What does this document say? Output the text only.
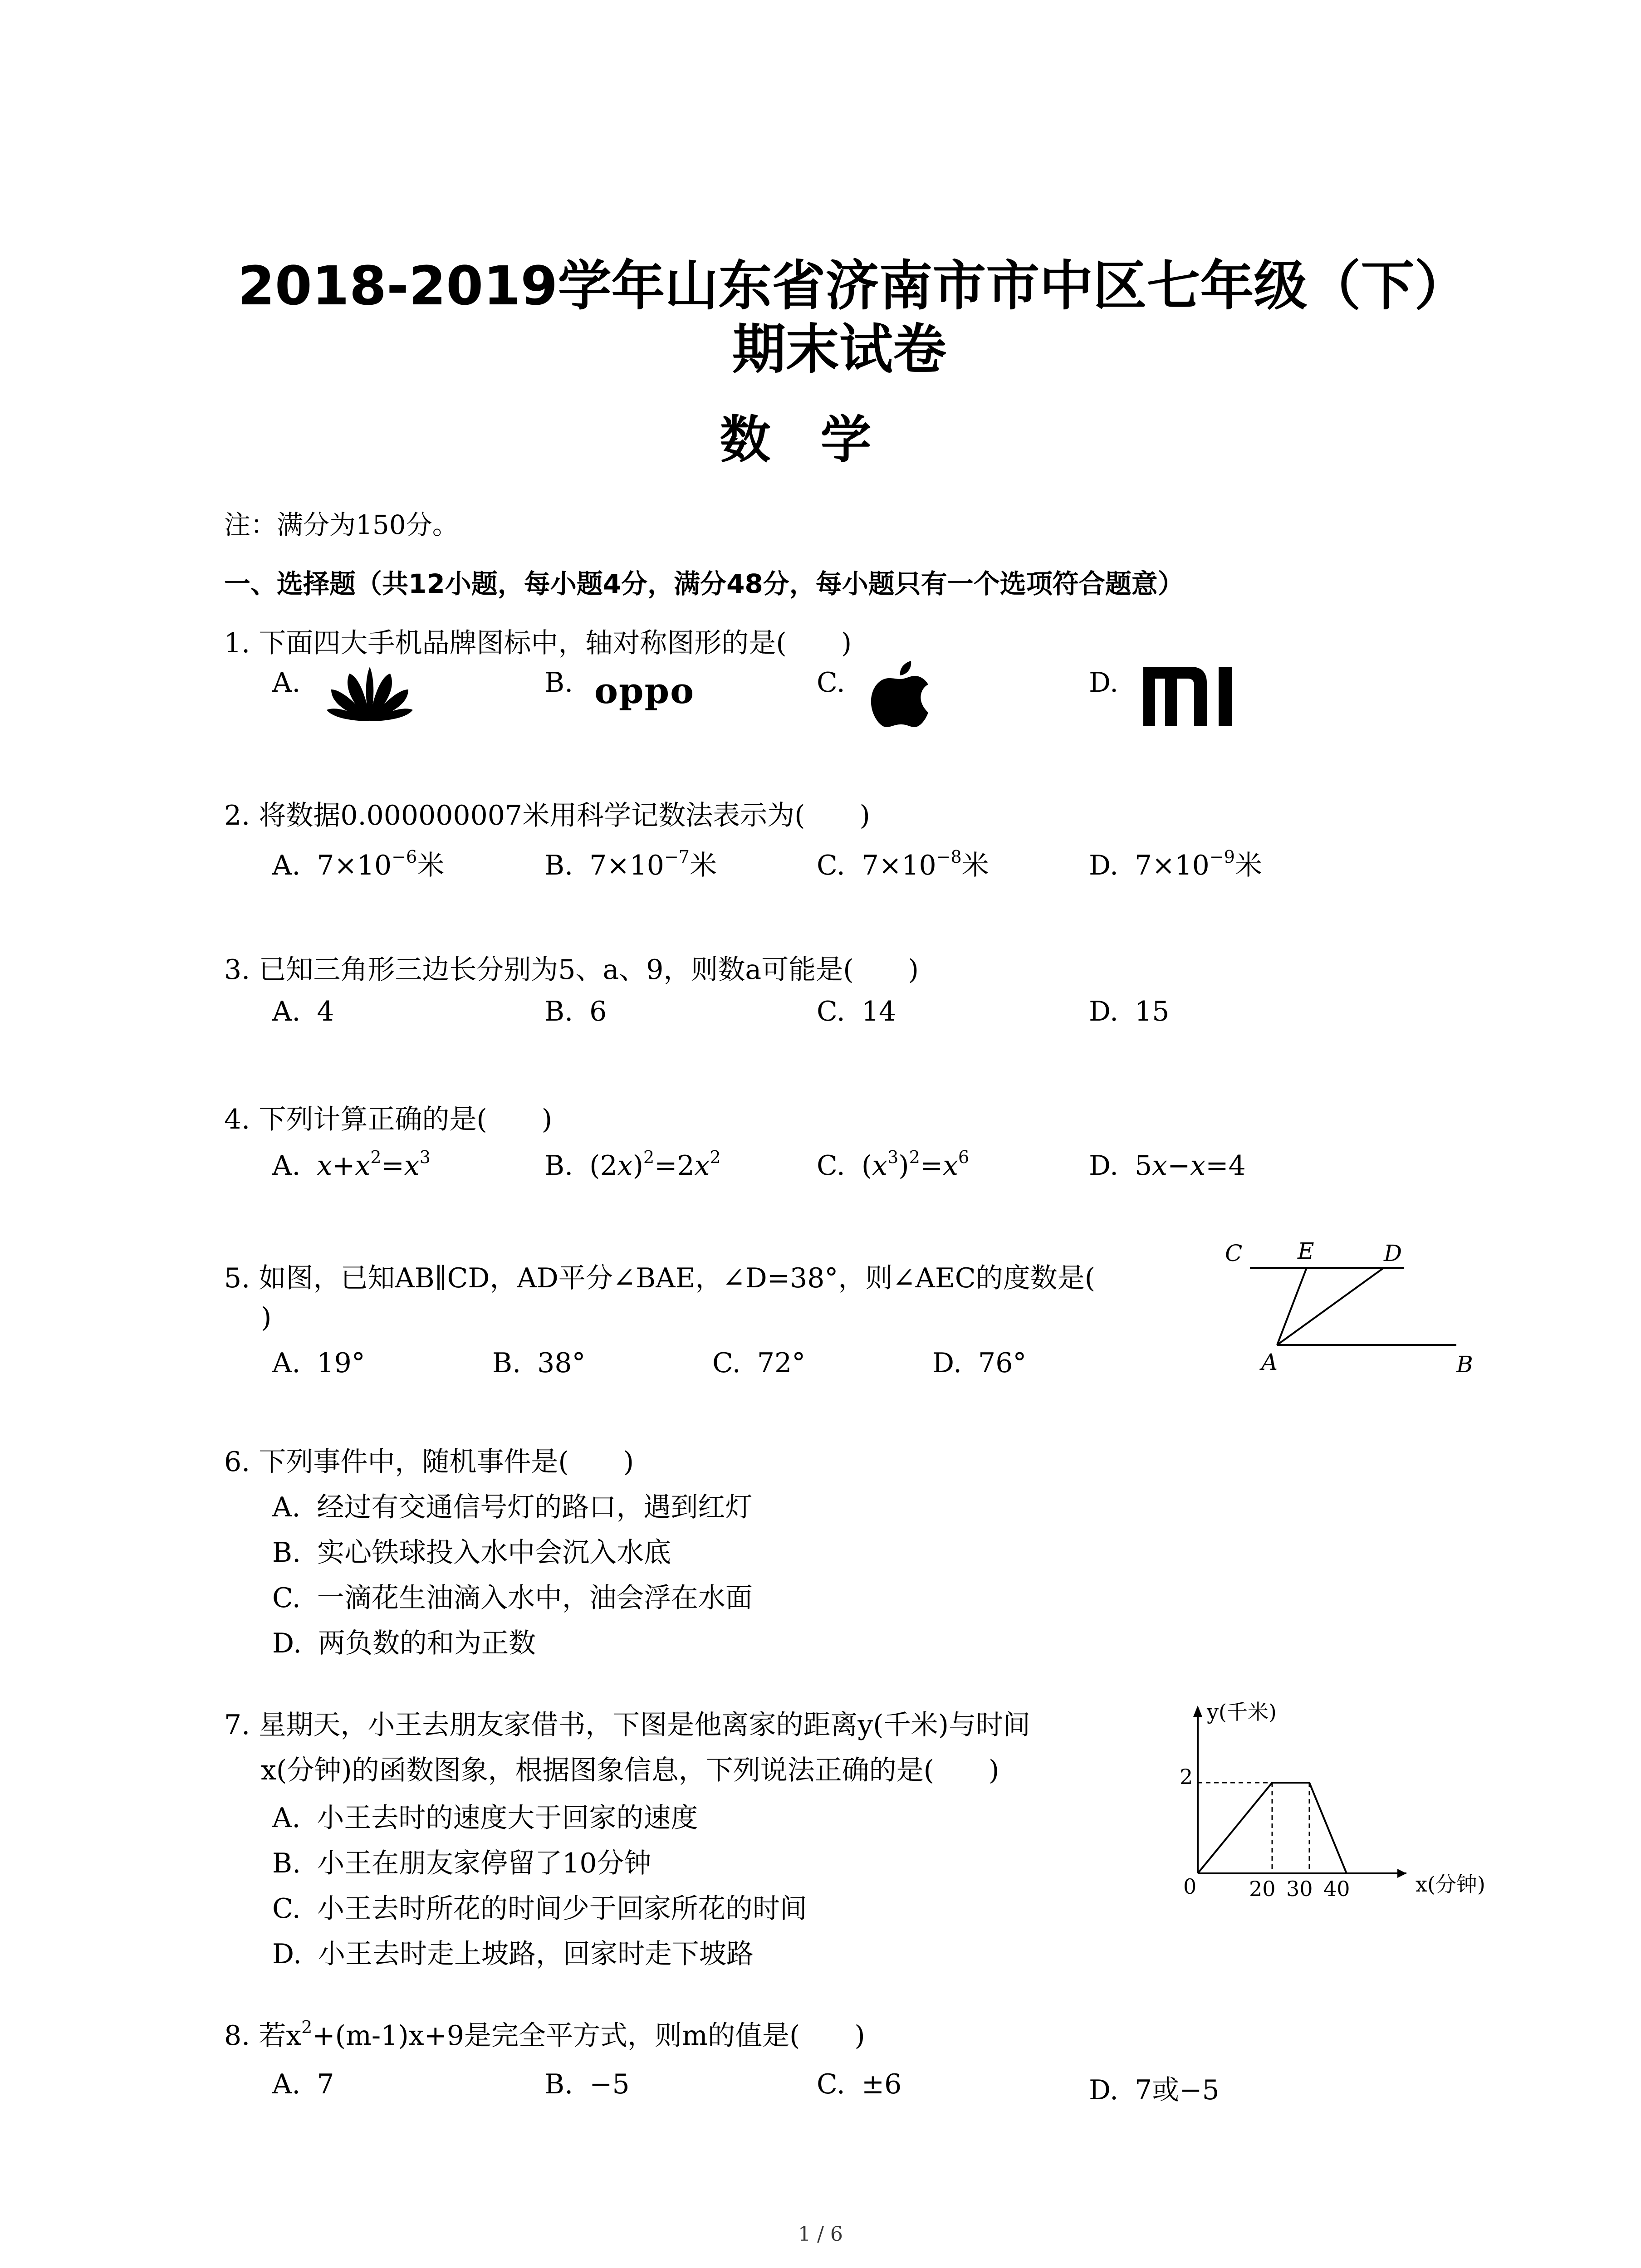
2018-2019学年山东省济南市市中区七年级（下）期末试卷
数学
注：满分为150分。
一、选择题（共12小题，每小题4分，满分48分，每小题只有一个选项符合题意）
1. 下面四大手机品牌图标中，轴对称图形的是(　　)
A.	B.	C.	D.
oppo
2. 将数据0.000000007米用科学记数法表示为(　　)
A. $7\times 10^{-6}$米	B. $7\times 10^{-7}$米	C. $7\times 10^{-8}$米	D. $7\times 10^{-9}$米
3. 已知三角形三边长分别为5、a、9，则数a可能是(　　)
A. 4	B. 6	C. 14	D. 15
4. 下列计算正确的是(　　)
A. $x+x^2=x^3$	B. $(2x)^2=2x^2$	C. $(x^3)^2=x^6$	D. 5x−x=4
5. 如图，已知AB∥CD，AD平分∠BAE，∠D=38°，则∠AEC的度数是(
)
A. 19°	B. 38°	C. 72°	D. 76°
C E	D
A	B
6. 下列事件中，随机事件是(　　)
A. 经过有交通信号灯的路口，遇到红灯
B. 实心铁球投入水中会沉入水底
C. 一滴花生油滴入水中，油会浮在水面
D. 两负数的和为正数
7. 星期天，小王去朋友家借书，下图是他离家的距离y(千米)与时间
x(分钟)的函数图象，根据图象信息，下列说法正确的是(　　)
A. 小王去时的速度大于回家的速度
B. 小王在朋友家停留了10分钟
C. 小王去时所花的时间少于回家所花的时间
D. 小王去时走上坡路，回家时走下坡路
y(千米)
x(分钟)
0
2
20 30 40
8. 若$x^2+(m-1)x+9$是完全平方式，则m的值是(　　)
A. 7	B. −5	C. ±6	D. 7或−5
1 / 6
